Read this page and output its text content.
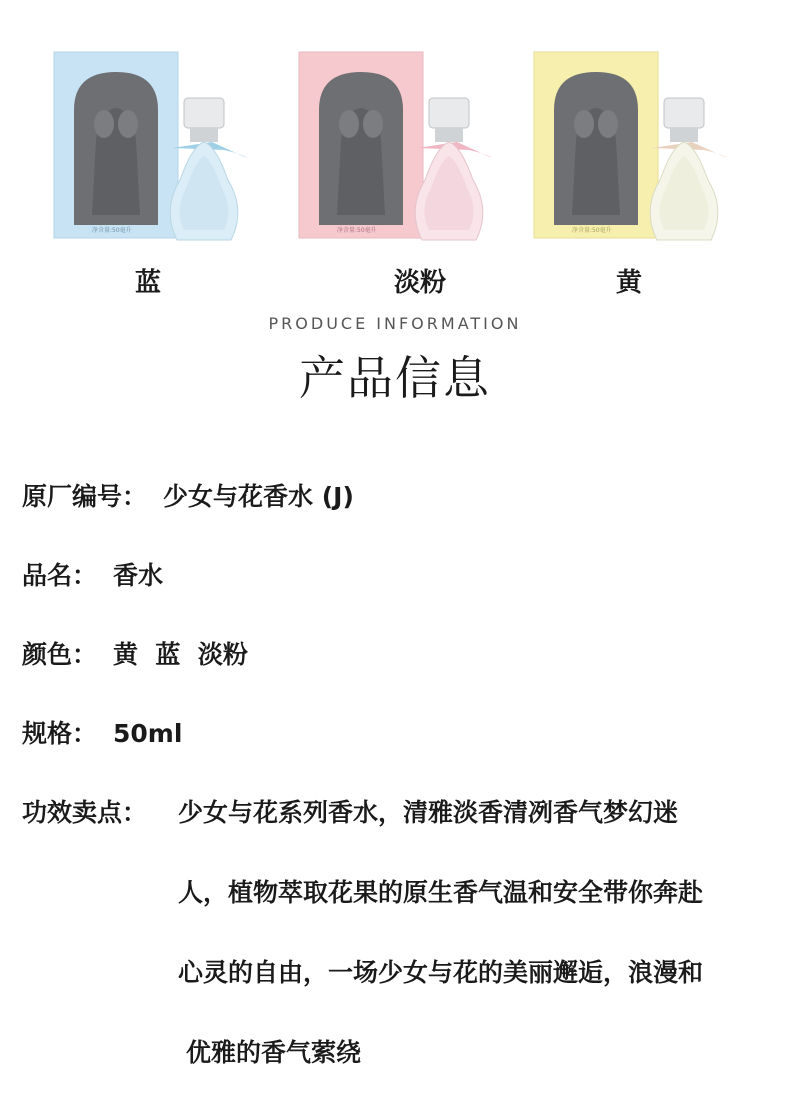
净含量:50毫升	净含量:50毫升	净含量:50毫升
蓝	淡粉	黄
PRODUCE INFORMATION
产品信息
原厂编号： 少女与花香水 (J)
品名： 香水
颜色： 黄  蓝  淡粉
规格： 50ml
功效卖点： 少女与花系列香水，清雅淡香清冽香气梦幻迷
人，植物萃取花果的原生香气温和安全带你奔赴
心灵的自由，一场少女与花的美丽邂逅，浪漫和
优雅的香气萦绕
